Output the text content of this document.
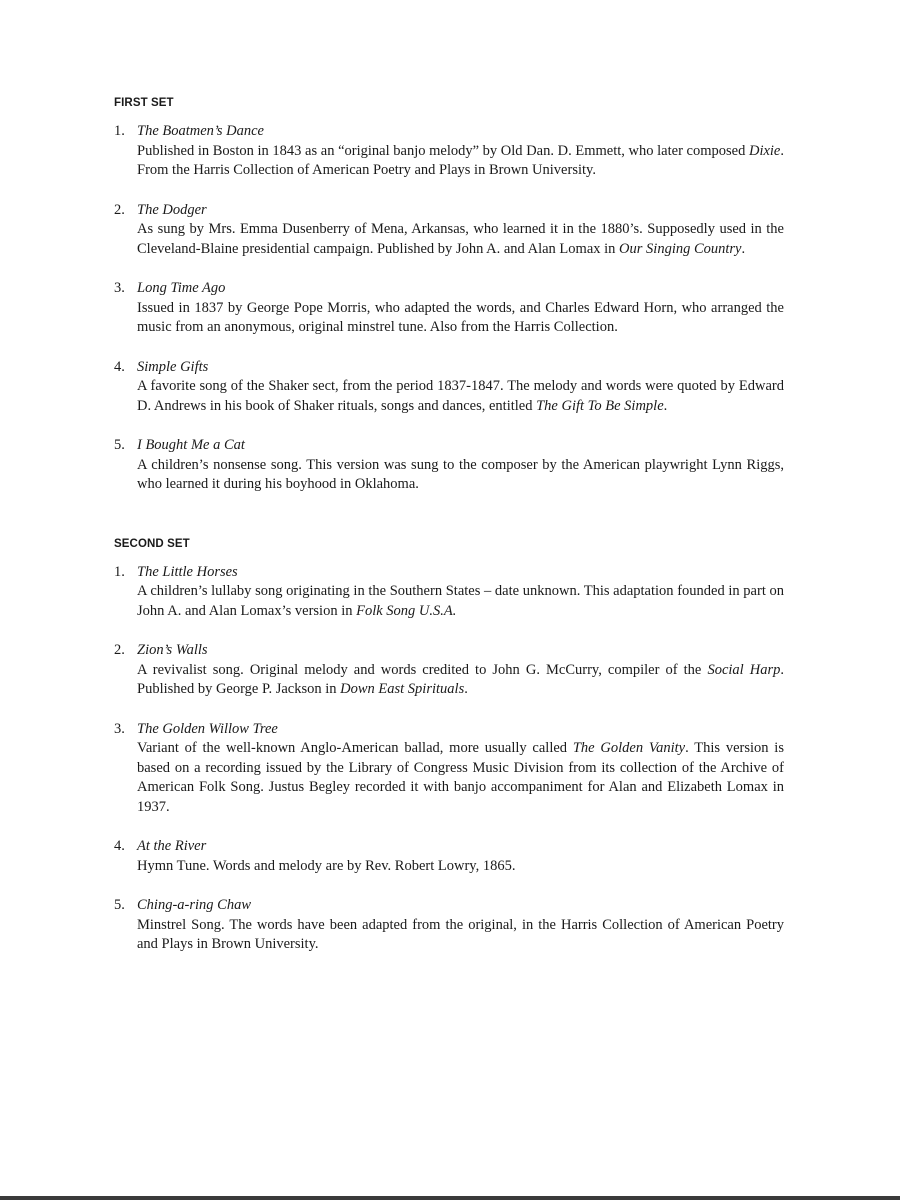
FIRST SET
1. The Boatmen’s Dance
Published in Boston in 1843 as an “original banjo melody” by Old Dan. D. Emmett, who later composed Dixie. From the Harris Collection of American Poetry and Plays in Brown University.
2. The Dodger
As sung by Mrs. Emma Dusenberry of Mena, Arkansas, who learned it in the 1880’s. Supposedly used in the Cleveland-Blaine presidential campaign. Published by John A. and Alan Lomax in Our Singing Country.
3. Long Time Ago
Issued in 1837 by George Pope Morris, who adapted the words, and Charles Edward Horn, who arranged the music from an anonymous, original minstrel tune. Also from the Harris Collection.
4. Simple Gifts
A favorite song of the Shaker sect, from the period 1837-1847. The melody and words were quoted by Edward D. Andrews in his book of Shaker rituals, songs and dances, entitled The Gift To Be Simple.
5. I Bought Me a Cat
A children’s nonsense song. This version was sung to the composer by the American playwright Lynn Riggs, who learned it during his boyhood in Oklahoma.
SECOND SET
1. The Little Horses
A children’s lullaby song originating in the Southern States – date unknown. This adaptation founded in part on John A. and Alan Lomax’s version in Folk Song U.S.A.
2. Zion’s Walls
A revivalist song. Original melody and words credited to John G. McCurry, compiler of the Social Harp. Published by George P. Jackson in Down East Spirituals.
3. The Golden Willow Tree
Variant of the well-known Anglo-American ballad, more usually called The Golden Vanity. This version is based on a recording issued by the Library of Congress Music Division from its collection of the Archive of American Folk Song. Justus Begley recorded it with banjo accompaniment for Alan and Elizabeth Lomax in 1937.
4. At the River
Hymn Tune. Words and melody are by Rev. Robert Lowry, 1865.
5. Ching-a-ring Chaw
Minstrel Song. The words have been adapted from the original, in the Harris Collection of American Poetry and Plays in Brown University.
